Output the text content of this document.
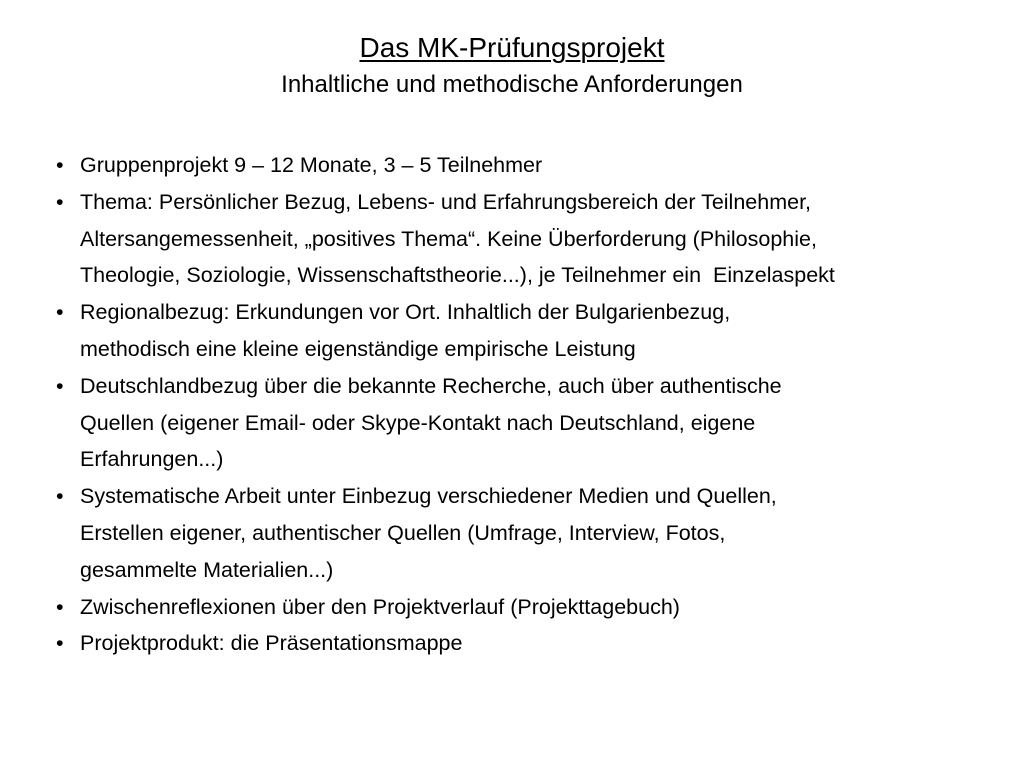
Das MK-Prüfungsprojekt
Inhaltliche und methodische Anforderungen
• Gruppenprojekt 9 – 12 Monate, 3 – 5 Teilnehmer
• Thema: Persönlicher Bezug, Lebens- und Erfahrungsbereich der Teilnehmer,
Altersangemessenheit, „positives Thema“. Keine Überforderung (Philosophie,
Theologie, Soziologie, Wissenschaftstheorie...), je Teilnehmer ein  Einzelaspekt
• Regionalbezug: Erkundungen vor Ort. Inhaltlich der Bulgarienbezug,
methodisch eine kleine eigenständige empirische Leistung
• Deutschlandbezug über die bekannte Recherche, auch über authentische
Quellen (eigener Email- oder Skype-Kontakt nach Deutschland, eigene
Erfahrungen...)
• Systematische Arbeit unter Einbezug verschiedener Medien und Quellen,
Erstellen eigener, authentischer Quellen (Umfrage, Interview, Fotos,
gesammelte Materialien...)
• Zwischenreflexionen über den Projektverlauf (Projekttagebuch)
• Projektprodukt: die Präsentationsmappe
